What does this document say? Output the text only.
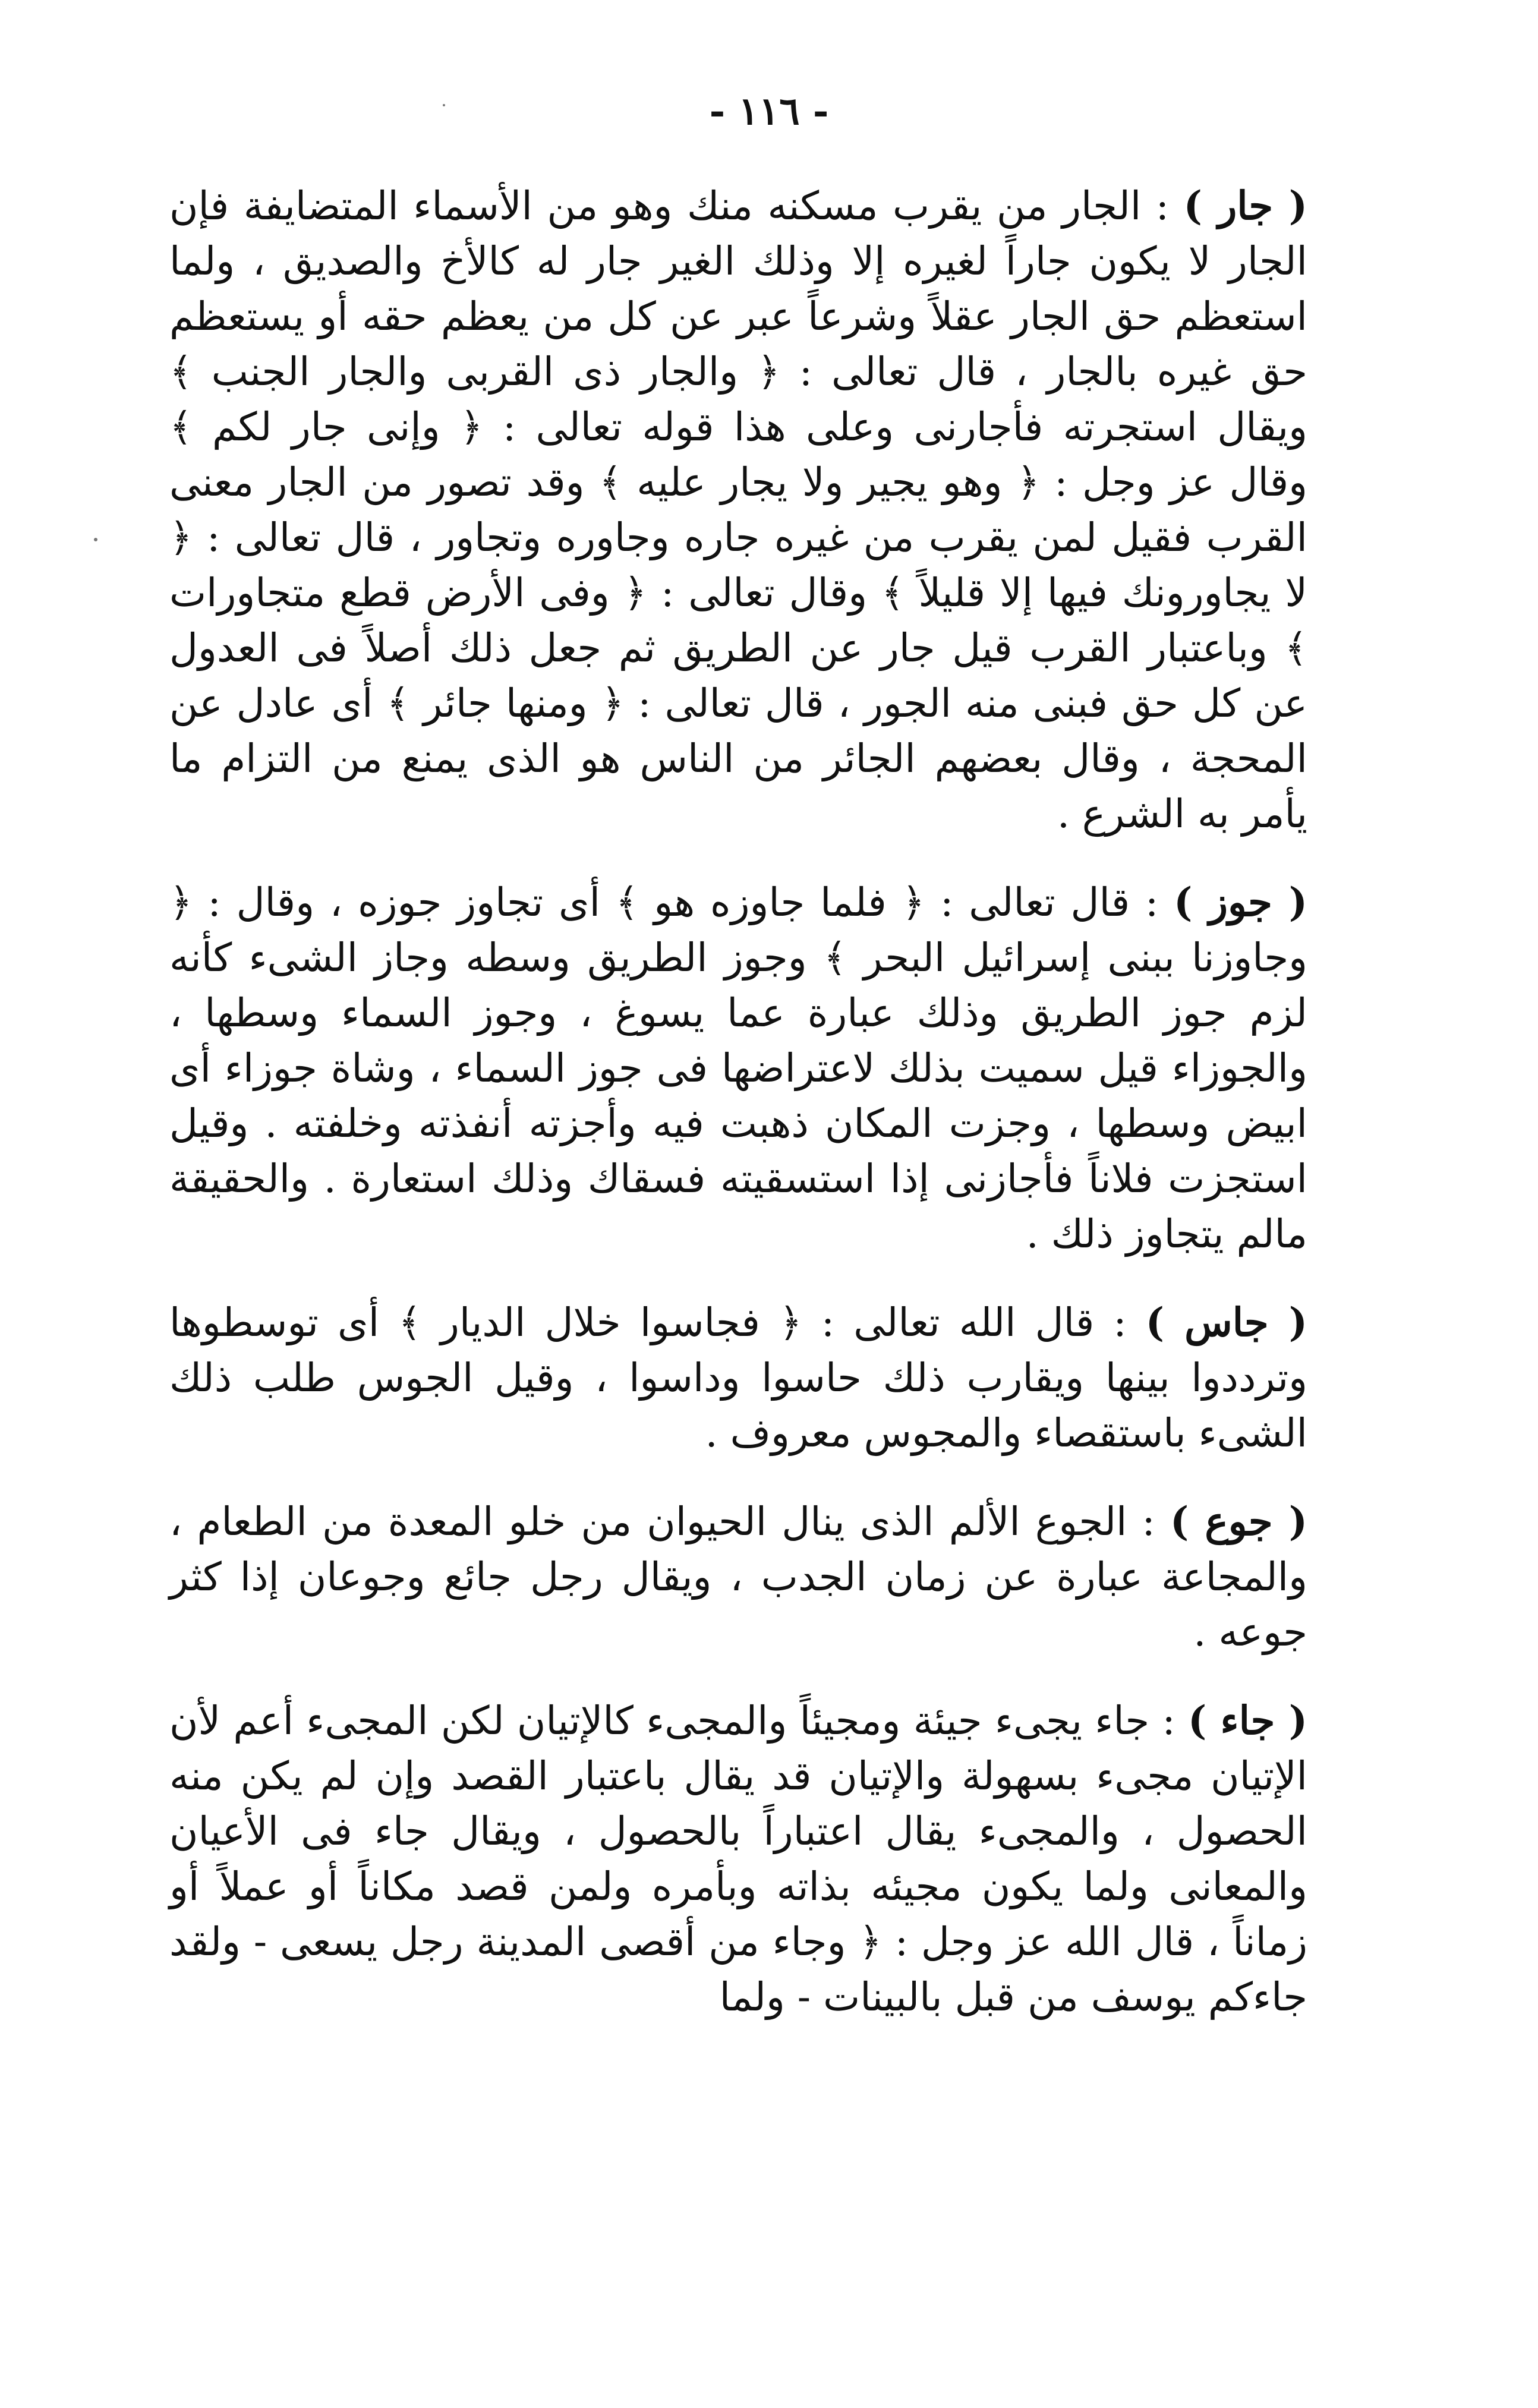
- ١١٦ -

( جار ) : الجار من يقرب مسكنه منك وهو من الأسماء المتضايفة فإن الجار لا يكون جاراً لغيره إلا وذلك الغير جار له كالأخ والصديق ، ولما استعظم حق الجار عقلاً وشرعاً عبر عن كل من يعظم حقه أو يستعظم حق غيره بالجار ، قال تعالى : ﴿ والجار ذى القربى والجار الجنب ﴾ ويقال استجرته فأجارنى وعلى هذا قوله تعالى : ﴿ وإنى جار لكم ﴾ وقال عز وجل : ﴿ وهو يجير ولا يجار عليه ﴾ وقد تصور من الجار معنى القرب فقيل لمن يقرب من غيره جاره وجاوره وتجاور ، قال تعالى : ﴿ لا يجاورونك فيها إلا قليلاً ﴾ وقال تعالى : ﴿ وفى الأرض قطع متجاورات ﴾ وباعتبار القرب قيل جار عن الطريق ثم جعل ذلك أصلاً فى العدول عن كل حق فبنى منه الجور ، قال تعالى : ﴿ ومنها جائر ﴾ أى عادل عن المحجة ، وقال بعضهم الجائر من الناس هو الذى يمنع من التزام ما يأمر به الشرع .

( جوز ) : قال تعالى : ﴿ فلما جاوزه هو ﴾ أى تجاوز جوزه ، وقال : ﴿ وجاوزنا ببنى إسرائيل البحر ﴾ وجوز الطريق وسطه وجاز الشىء كأنه لزم جوز الطريق وذلك عبارة عما يسوغ ، وجوز السماء وسطها ، والجوزاء قيل سميت بذلك لاعتراضها فى جوز السماء ، وشاة جوزاء أى ابيض وسطها ، وجزت المكان ذهبت فيه وأجزته أنفذته وخلفته . وقيل استجزت فلاناً فأجازنى إذا استسقيته فسقاك وذلك استعارة . والحقيقة مالم يتجاوز ذلك .

( جاس ) : قال الله تعالى : ﴿ فجاسوا خلال الديار ﴾ أى توسطوها وترددوا بينها ويقارب ذلك حاسوا وداسوا ، وقيل الجوس طلب ذلك الشىء باستقصاء والمجوس معروف .

( جوع ) : الجوع الألم الذى ينال الحيوان من خلو المعدة من الطعام ، والمجاعة عبارة عن زمان الجدب ، ويقال رجل جائع وجوعان إذا كثر جوعه .

( جاء ) : جاء يجىء جيئة ومجيئاً والمجىء كالإتيان لكن المجىء أعم لأن الإتيان مجىء بسهولة والإتيان قد يقال باعتبار القصد وإن لم يكن منه الحصول ، والمجىء يقال اعتباراً بالحصول ، ويقال جاء فى الأعيان والمعانى ولما يكون مجيئه بذاته وبأمره ولمن قصد مكاناً أو عملاً أو زماناً ، قال الله عز وجل : ﴿ وجاء من أقصى المدينة رجل يسعى - ولقد جاءكم يوسف من قبل بالبينات - ولما
